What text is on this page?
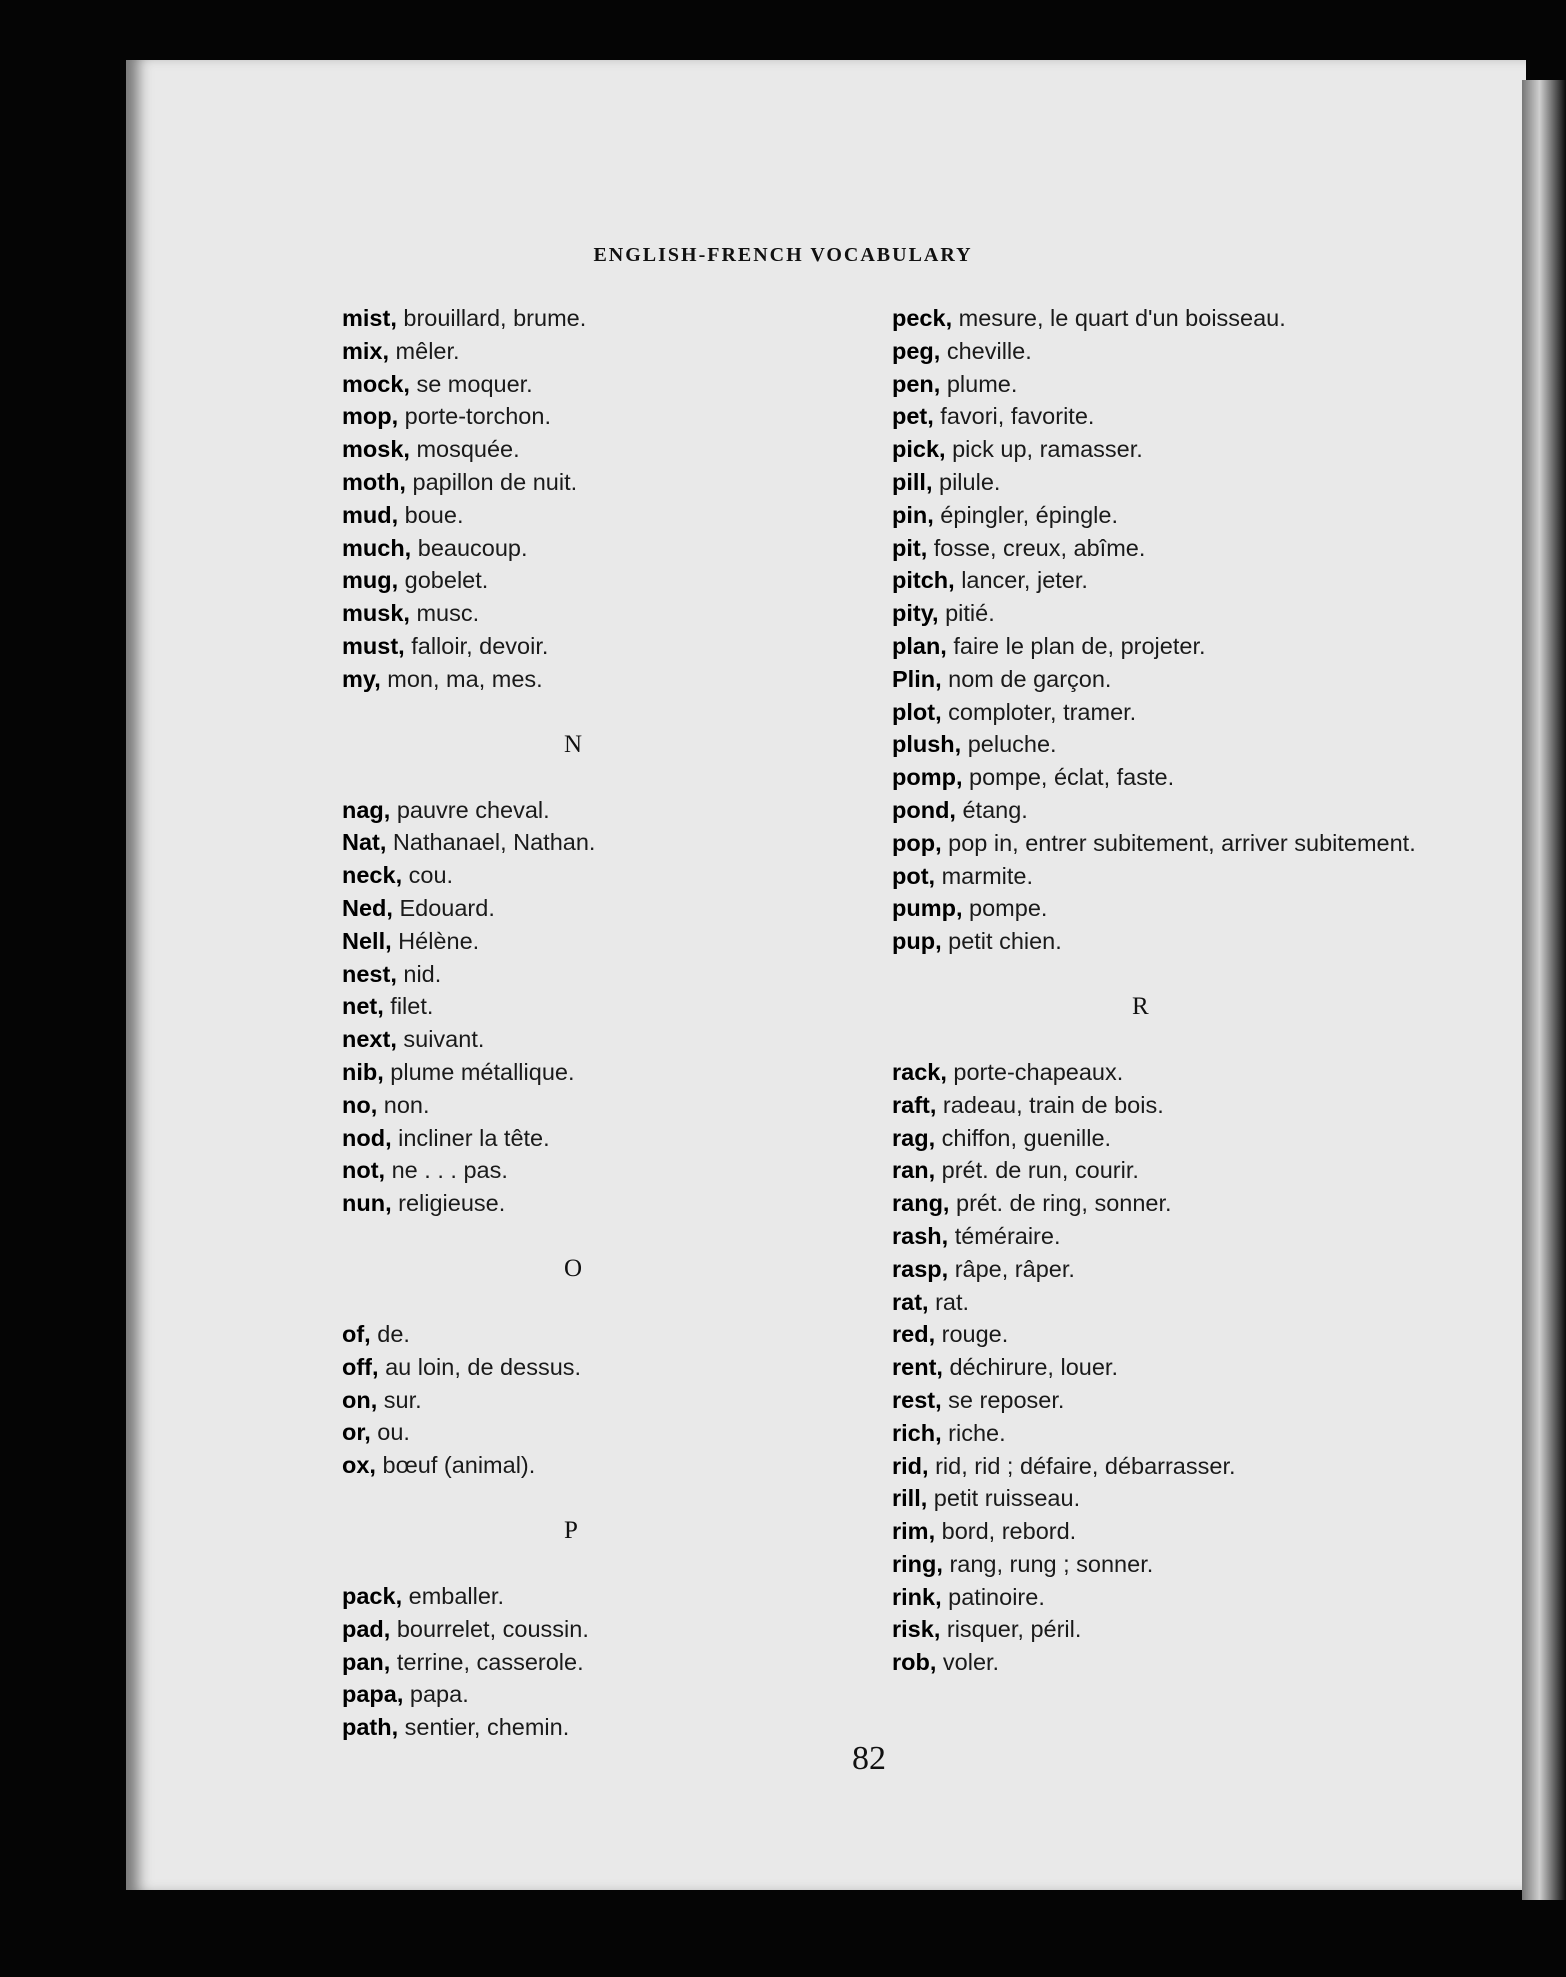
ENGLISH-FRENCH VOCABULARY
mist, brouillard, brume.
mix, mêler.
mock, se moquer.
mop, porte-torchon.
mosk, mosquée.
moth, papillon de nuit.
mud, boue.
much, beaucoup.
mug, gobelet.
musk, musc.
must, falloir, devoir.
my, mon, ma, mes.
N
nag, pauvre cheval.
Nat, Nathanael, Nathan.
neck, cou.
Ned, Edouard.
Nell, Hélène.
nest, nid.
net, filet.
next, suivant.
nib, plume métallique.
no, non.
nod, incliner la tête.
not, ne . . . pas.
nun, religieuse.
O
of, de.
off, au loin, de dessus.
on, sur.
or, ou.
ox, bœuf (animal).
P
pack, emballer.
pad, bourrelet, coussin.
pan, terrine, casserole.
papa, papa.
path, sentier, chemin.
peck, mesure, le quart d'un boisseau.
peg, cheville.
pen, plume.
pet, favori, favorite.
pick, pick up, ramasser.
pill, pilule.
pin, épingler, épingle.
pit, fosse, creux, abîme.
pitch, lancer, jeter.
pity, pitié.
plan, faire le plan de, projeter.
Plin, nom de garçon.
plot, comploter, tramer.
plush, peluche.
pomp, pompe, éclat, faste.
pond, étang.
pop, pop in, entrer subitement, arriver subitement.
pot, marmite.
pump, pompe.
pup, petit chien.
R
rack, porte-chapeaux.
raft, radeau, train de bois.
rag, chiffon, guenille.
ran, prét. de run, courir.
rang, prét. de ring, sonner.
rash, téméraire.
rasp, râpe, râper.
rat, rat.
red, rouge.
rent, déchirure, louer.
rest, se reposer.
rich, riche.
rid, rid, rid ; défaire, débarrasser.
rill, petit ruisseau.
rim, bord, rebord.
ring, rang, rung ; sonner.
rink, patinoire.
risk, risquer, péril.
rob, voler.
82
